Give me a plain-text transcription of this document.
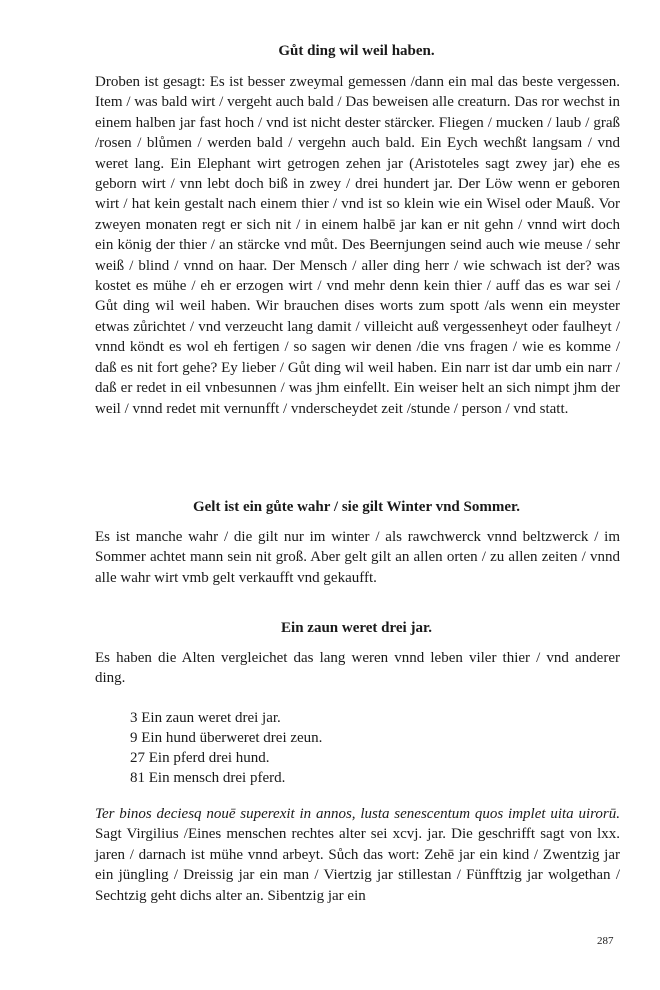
Gůt ding wil weil haben.

Droben ist gesagt: Es ist besser zweymal gemessen /dann ein mal das beste vergessen. Item / was bald wirt / vergeht auch bald / Das beweisen alle creaturn. Das ror wechst in einem halben jar fast hoch / vnd ist nicht dester stärcker. Fliegen / mucken / laub / graß /rosen / blůmen / werden bald / vergehn auch bald. Ein Eych wechßt langsam / vnd weret lang. Ein Elephant wirt getrogen zehen jar (Aristoteles sagt zwey jar) ehe es geborn wirt / vnn lebt doch biß in zwey / drei hundert jar. Der Löw wenn er geboren wirt / hat kein gestalt nach einem thier / vnd ist so klein wie ein Wisel oder Mauß. Vor zweyen monaten regt er sich nit / in einem halbē jar kan er nit gehn / vnnd wirt doch ein könig der thier / an stärcke vnd můt. Des Beernjungen seind auch wie meuse / sehr weiß / blind / vnnd on haar. Der Mensch / aller ding herr / wie schwach ist der? was kostet es mühe / eh er erzogen wirt / vnd mehr denn kein thier / auff das es war sei / Gůt ding wil weil haben. Wir brauchen dises worts zum spott /als wenn ein meyster etwas zůrichtet / vnd verzeucht lang damit / villeicht auß vergessenheyt oder faulheyt / vnnd köndt es wol eh fertigen / so sagen wir denen /die vns fragen / wie es komme / daß es nit fort gehe? Ey lieber / Gůt ding wil weil haben. Ein narr ist dar umb ein narr / daß er redet in eil vnbesunnen / was jhm einfellt. Ein weiser helt an sich nimpt jhm der weil / vnnd redet mit vernunfft / vnderscheydet zeit /stunde / person / vnd statt.

Gelt ist ein gůte wahr / sie gilt Winter vnd Sommer.

Es ist manche wahr / die gilt nur im winter / als rawchwerck vnnd beltzwerck / im Sommer achtet mann sein nit groß. Aber gelt gilt an allen orten / zu allen zeiten / vnnd alle wahr wirt vmb gelt verkaufft vnd gekaufft.

Ein zaun weret drei jar.

Es haben die Alten vergleichet das lang weren vnnd leben viler thier / vnd anderer ding.

3 Ein zaun weret drei jar.
9 Ein hund überweret drei zeun.
27 Ein pferd drei hund.
81 Ein mensch drei pferd.

Ter binos deciesq nouē superexit in annos, lusta senescentum quos implet uita uirorū. Sagt Virgilius /Eines menschen rechtes alter sei xcvj. jar. Die geschrifft sagt von lxx. jaren / darnach ist mühe vnnd arbeyt. Sůch das wort: Zehē jar ein kind / Zwentzig jar ein jüngling / Dreissig jar ein man / Viertzig jar stillestan / Fünfftzig jar wolgethan / Sechtzig geht dichs alter an. Sibentzig jar ein

287
